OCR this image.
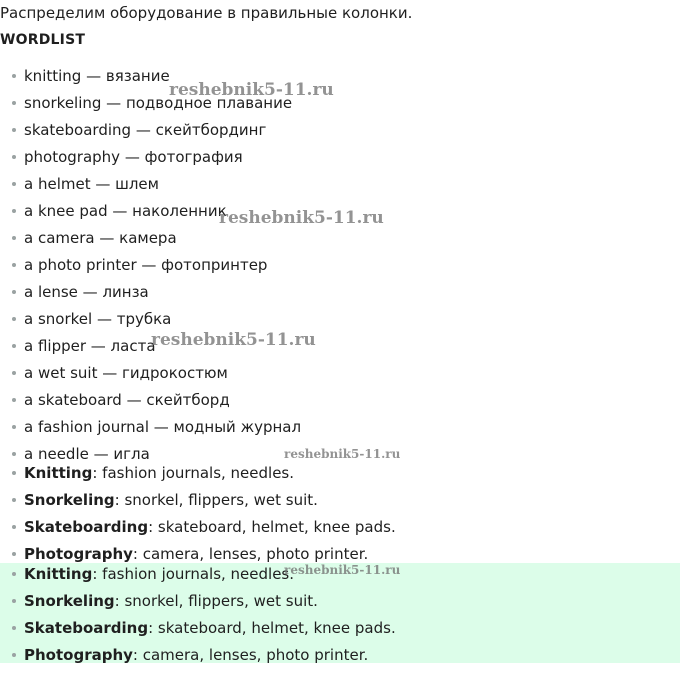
Распределим оборудование в правильные колонки.

WORDLIST

knitting — вязание
snorkeling — подводное плавание
skateboarding — скейтбординг
photography — фотография
a helmet — шлем
a knee pad — наколенник
a camera — камера
a photo printer — фотопринтер
a lense — линза
a snorkel — трубка
a flipper — ласта
a wet suit — гидрокостюм
a skateboard — скейтборд
a fashion journal — модный журнал
a needle — игла
Knitting: fashion journals, needles.
Snorkeling: snorkel, flippers, wet suit.
Skateboarding: skateboard, helmet, knee pads.
Photography: camera, lenses, photo printer.
Knitting: fashion journals, needles.
Snorkeling: snorkel, flippers, wet suit.
Skateboarding: skateboard, helmet, knee pads.
Photography: camera, lenses, photo printer.
reshebnik5-11.ru
reshebnik5-11.ru
reshebnik5-11.ru
reshebnik5-11.ru
reshebnik5-11.ru
